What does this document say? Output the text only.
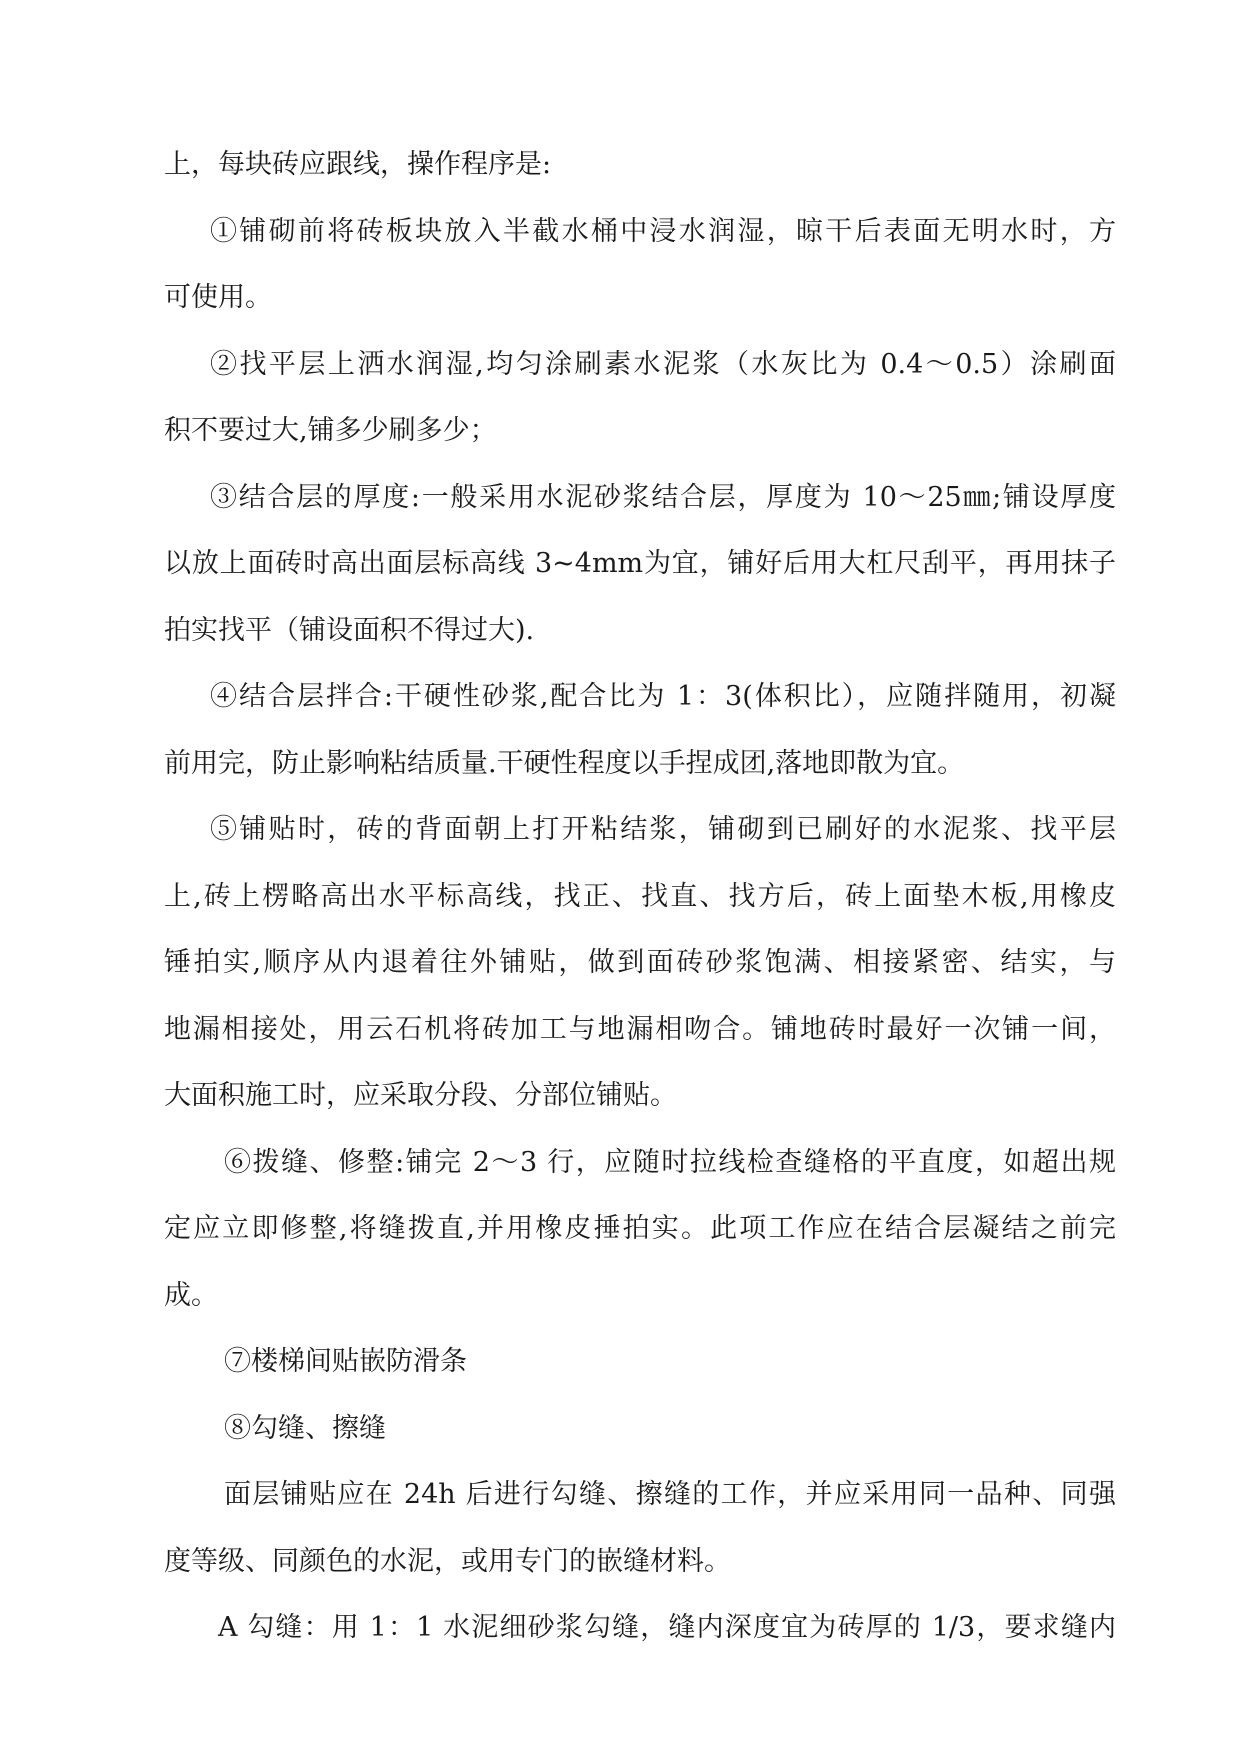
上，每块砖应跟线，操作程序是:
①铺砌前将砖板块放入半截水桶中浸水润湿，晾干后表面无明水时，方
可使用。
②找平层上洒水润湿,均匀涂刷素水泥浆（水灰比为 0.4～0.5）涂刷面
积不要过大,铺多少刷多少；
③结合层的厚度:一般采用水泥砂浆结合层，厚度为 10～25㎜;铺设厚度
以放上面砖时高出面层标高线 3~4mm为宜，铺好后用大杠尺刮平，再用抹子
拍实找平（铺设面积不得过大).
④结合层拌合:干硬性砂浆,配合比为 1：3(体积比），应随拌随用，初凝
前用完，防止影响粘结质量.干硬性程度以手捏成团,落地即散为宜。
⑤铺贴时，砖的背面朝上打开粘结浆，铺砌到已刷好的水泥浆、找平层
上,砖上楞略高出水平标高线，找正、找直、找方后，砖上面垫木板,用橡皮
锤拍实,顺序从内退着往外铺贴，做到面砖砂浆饱满、相接紧密、结实，与
地漏相接处，用云石机将砖加工与地漏相吻合。铺地砖时最好一次铺一间，
大面积施工时，应采取分段、分部位铺贴。
⑥拨缝、修整:铺完 2～3 行，应随时拉线检查缝格的平直度，如超出规
定应立即修整,将缝拨直,并用橡皮捶拍实。此项工作应在结合层凝结之前完
成。
⑦楼梯间贴嵌防滑条
⑧勾缝、擦缝
面层铺贴应在 24h 后进行勾缝、擦缝的工作，并应采用同一品种、同强
度等级、同颜色的水泥，或用专门的嵌缝材料。
A 勾缝：用 1：1 水泥细砂浆勾缝，缝内深度宜为砖厚的 1/3，要求缝内
